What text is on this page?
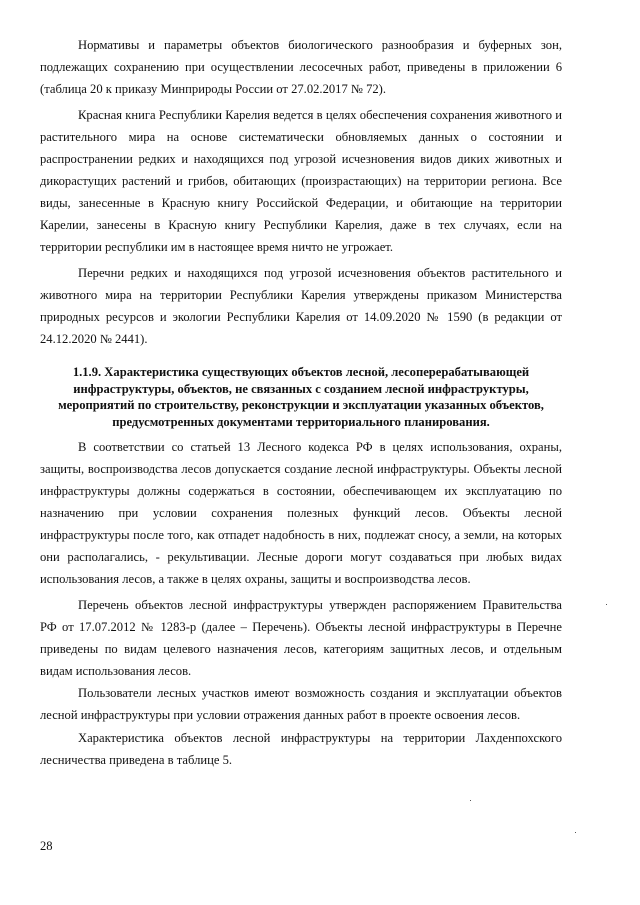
Нормативы и параметры объектов биологического разнообразия и буферных зон, подлежащих сохранению при осуществлении лесосечных работ, приведены в приложении 6 (таблица 20 к приказу Минприроды России от 27.02.2017 № 72).

Красная книга Республики Карелия ведется в целях обеспечения сохранения животного и растительного мира на основе систематически обновляемых данных о состоянии и распространении редких и находящихся под угрозой исчезновения видов диких животных и дикорастущих растений и грибов, обитающих (произрастающих) на территории региона. Все виды, занесенные в Красную книгу Российской Федерации, и обитающие на территории Карелии, занесены в Красную книгу Республики Карелия, даже в тех случаях, если на территории республики им в настоящее время ничто не угрожает.

Перечни редких и находящихся под угрозой исчезновения объектов растительного и животного мира на территории Республики Карелия утверждены приказом Министерства природных ресурсов и экологии Республики Карелия от 14.09.2020 № 1590 (в редакции от 24.12.2020 № 2441).

1.1.9. Характеристика существующих объектов лесной, лесоперерабатывающей инфраструктуры, объектов, не связанных с созданием лесной инфраструктуры, мероприятий по строительству, реконструкции и эксплуатации указанных объектов, предусмотренных документами территориального планирования.

В соответствии со статьей 13 Лесного кодекса РФ в целях использования, охраны, защиты, воспроизводства лесов допускается создание лесной инфраструктуры. Объекты лесной инфраструктуры должны содержаться в состоянии, обеспечивающем их эксплуатацию по назначению при условии сохранения полезных функций лесов. Объекты лесной инфраструктуры после того, как отпадет надобность в них, подлежат сносу, а земли, на которых они располагались, - рекультивации. Лесные дороги могут создаваться при любых видах использования лесов, а также в целях охраны, защиты и воспроизводства лесов.

Перечень объектов лесной инфраструктуры утвержден распоряжением Правительства РФ от 17.07.2012 № 1283-р (далее – Перечень). Объекты лесной инфраструктуры в Перечне приведены по видам целевого назначения лесов, категориям защитных лесов, и отдельным видам использования лесов.

Пользователи лесных участков имеют возможность создания и эксплуатации объектов лесной инфраструктуры при условии отражения данных работ в проекте освоения лесов.

Характеристика объектов лесной инфраструктуры на территории Лахденпохского лесничества приведена в таблице 5.

28
